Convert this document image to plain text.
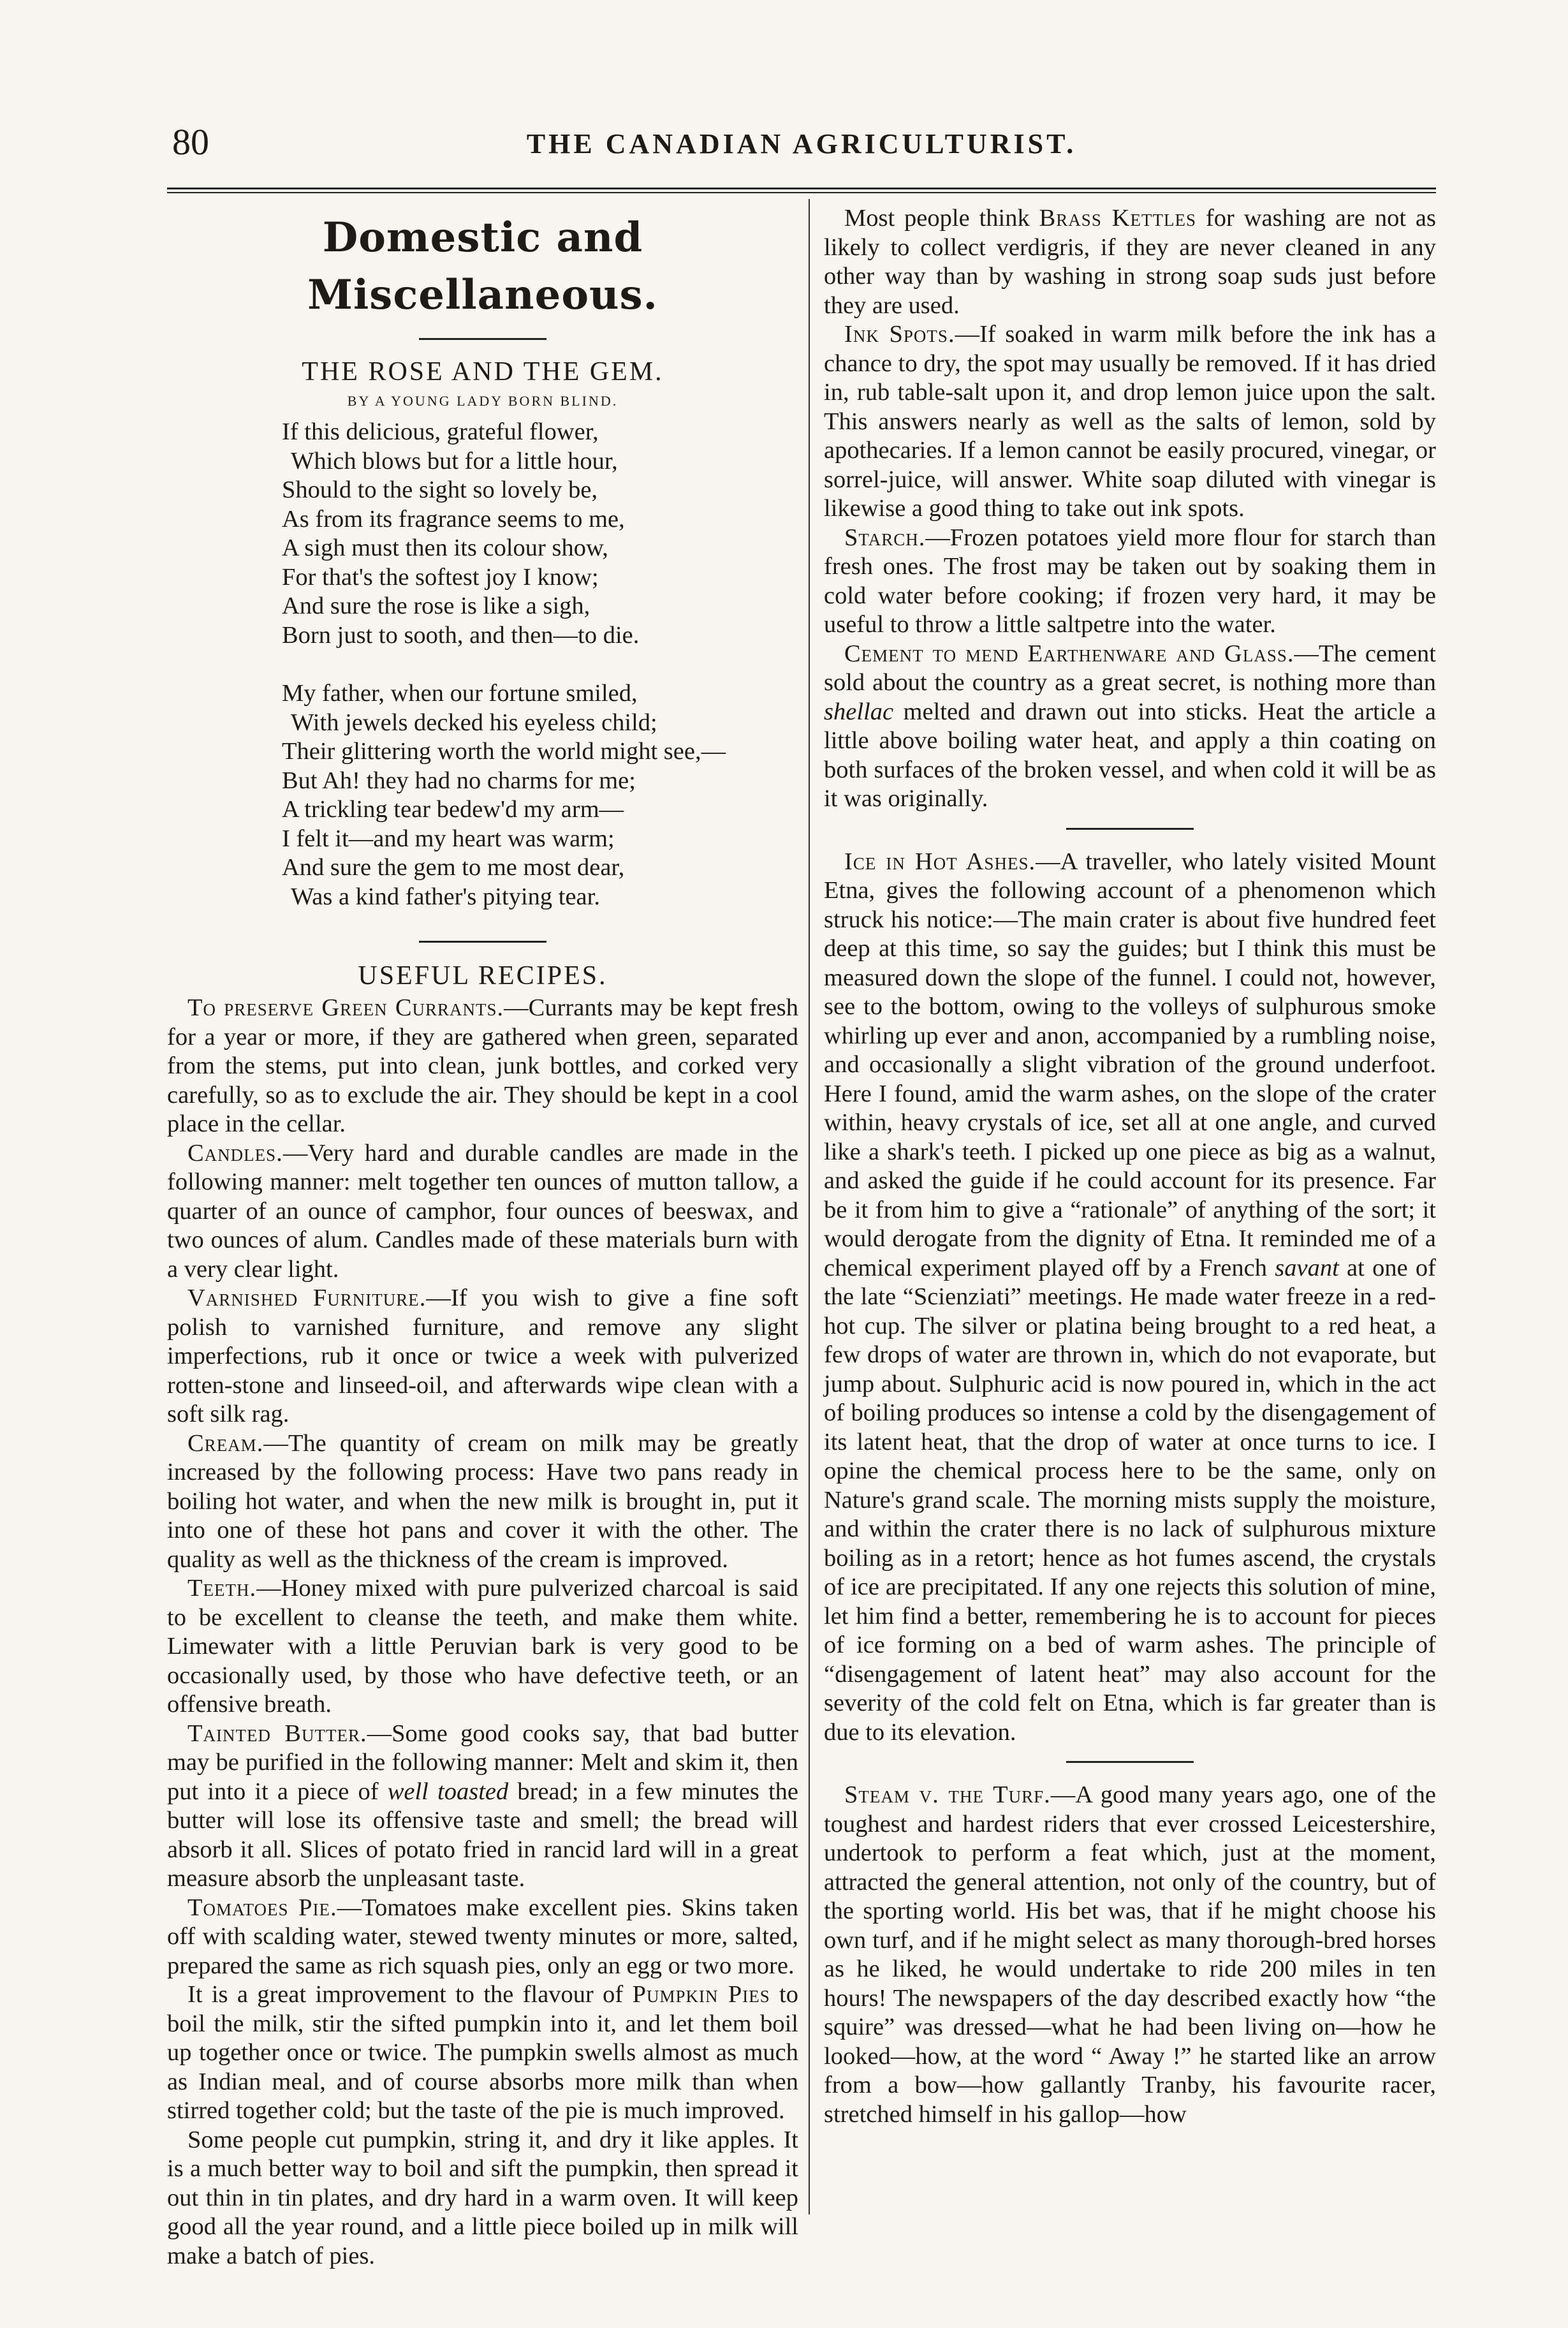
80	THE CANADIAN AGRICULTURIST.
Domestic and Miscellaneous.
THE ROSE AND THE GEM.
BY A YOUNG LADY BORN BLIND.
If this delicious, grateful flower,
Which blows but for a little hour,
Should to the sight so lovely be,
As from its fragrance seems to me,
A sigh must then its colour show,
For that's the softest joy I know;
And sure the rose is like a sigh,
Born just to sooth, and then—to die.
My father, when our fortune smiled,
With jewels decked his eyeless child;
Their glittering worth the world might see,—
But Ah! they had no charms for me;
A trickling tear bedew'd my arm—
I felt it—and my heart was warm;
And sure the gem to me most dear,
Was a kind father's pitying tear.
USEFUL RECIPES.

To preserve Green Currants.—Currants may be kept fresh for a year or more, if they are gathered when green, separated from the stems, put into clean, junk bottles, and corked very carefully, so as to exclude the air. They should be kept in a cool place in the cellar.

Candles.—Very hard and durable candles are made in the following manner: melt together ten ounces of mutton tallow, a quarter of an ounce of camphor, four ounces of beeswax, and two ounces of alum. Candles made of these materials burn with a very clear light.

Varnished Furniture.—If you wish to give a fine soft polish to varnished furniture, and remove any slight imperfections, rub it once or twice a week with pulverized rotten-stone and linseed-oil, and afterwards wipe clean with a soft silk rag.

Cream.—The quantity of cream on milk may be greatly increased by the following process: Have two pans ready in boiling hot water, and when the new milk is brought in, put it into one of these hot pans and cover it with the other. The quality as well as the thickness of the cream is improved.

Teeth.—Honey mixed with pure pulverized charcoal is said to be excellent to cleanse the teeth, and make them white. Limewater with a little Peruvian bark is very good to be occasionally used, by those who have defective teeth, or an offensive breath.

Tainted Butter.—Some good cooks say, that bad butter may be purified in the following manner: Melt and skim it, then put into it a piece of well toasted bread; in a few minutes the butter will lose its offensive taste and smell; the bread will absorb it all. Slices of potato fried in rancid lard will in a great measure absorb the unpleasant taste.

Tomatoes Pie.—Tomatoes make excellent pies. Skins taken off with scalding water, stewed twenty minutes or more, salted, prepared the same as rich squash pies, only an egg or two more.

It is a great improvement to the flavour of Pumpkin Pies to boil the milk, stir the sifted pumpkin into it, and let them boil up together once or twice. The pumpkin swells almost as much as Indian meal, and of course absorbs more milk than when stirred together cold; but the taste of the pie is much improved.

Some people cut pumpkin, string it, and dry it like apples. It is a much better way to boil and sift the pumpkin, then spread it out thin in tin plates, and dry hard in a warm oven. It will keep good all the year round, and a little piece boiled up in milk will make a batch of pies.

Most people think Brass Kettles for washing are not as likely to collect verdigris, if they are never cleaned in any other way than by washing in strong soap suds just before they are used.

Ink Spots.—If soaked in warm milk before the ink has a chance to dry, the spot may usually be removed. If it has dried in, rub table-salt upon it, and drop lemon juice upon the salt. This answers nearly as well as the salts of lemon, sold by apothecaries. If a lemon cannot be easily procured, vinegar, or sorrel-juice, will answer. White soap diluted with vinegar is likewise a good thing to take out ink spots.

Starch.—Frozen potatoes yield more flour for starch than fresh ones. The frost may be taken out by soaking them in cold water before cooking; if frozen very hard, it may be useful to throw a little saltpetre into the water.

Cement to mend Earthenware and Glass.—The cement sold about the country as a great secret, is nothing more than shellac melted and drawn out into sticks. Heat the article a little above boiling water heat, and apply a thin coating on both surfaces of the broken vessel, and when cold it will be as it was originally.

Ice in Hot Ashes.—A traveller, who lately visited Mount Etna, gives the following account of a phenomenon which struck his notice:—The main crater is about five hundred feet deep at this time, so say the guides; but I think this must be measured down the slope of the funnel. I could not, however, see to the bottom, owing to the volleys of sulphurous smoke whirling up ever and anon, accompanied by a rumbling noise, and occasionally a slight vibration of the ground underfoot. Here I found, amid the warm ashes, on the slope of the crater within, heavy crystals of ice, set all at one angle, and curved like a shark's teeth. I picked up one piece as big as a walnut, and asked the guide if he could account for its presence. Far be it from him to give a “rationale” of anything of the sort; it would derogate from the dignity of Etna. It reminded me of a chemical experiment played off by a French savant at one of the late “Scienziati” meetings. He made water freeze in a red-hot cup. The silver or platina being brought to a red heat, a few drops of water are thrown in, which do not evaporate, but jump about. Sulphuric acid is now poured in, which in the act of boiling produces so intense a cold by the disengagement of its latent heat, that the drop of water at once turns to ice. I opine the chemical process here to be the same, only on Nature's grand scale. The morning mists supply the moisture, and within the crater there is no lack of sulphurous mixture boiling as in a retort; hence as hot fumes ascend, the crystals of ice are precipitated. If any one rejects this solution of mine, let him find a better, remembering he is to account for pieces of ice forming on a bed of warm ashes. The principle of “disengagement of latent heat” may also account for the severity of the cold felt on Etna, which is far greater than is due to its elevation.

Steam v. the Turf.—A good many years ago, one of the toughest and hardest riders that ever crossed Leicestershire, undertook to perform a feat which, just at the moment, attracted the general attention, not only of the country, but of the sporting world. His bet was, that if he might choose his own turf, and if he might select as many thorough-bred horses as he liked, he would undertake to ride 200 miles in ten hours! The newspapers of the day described exactly how “the squire” was dressed—what he had been living on—how he looked—how, at the word “ Away !” he started like an arrow from a bow—how gallantly Tranby, his favourite racer, stretched himself in his gallop—how
